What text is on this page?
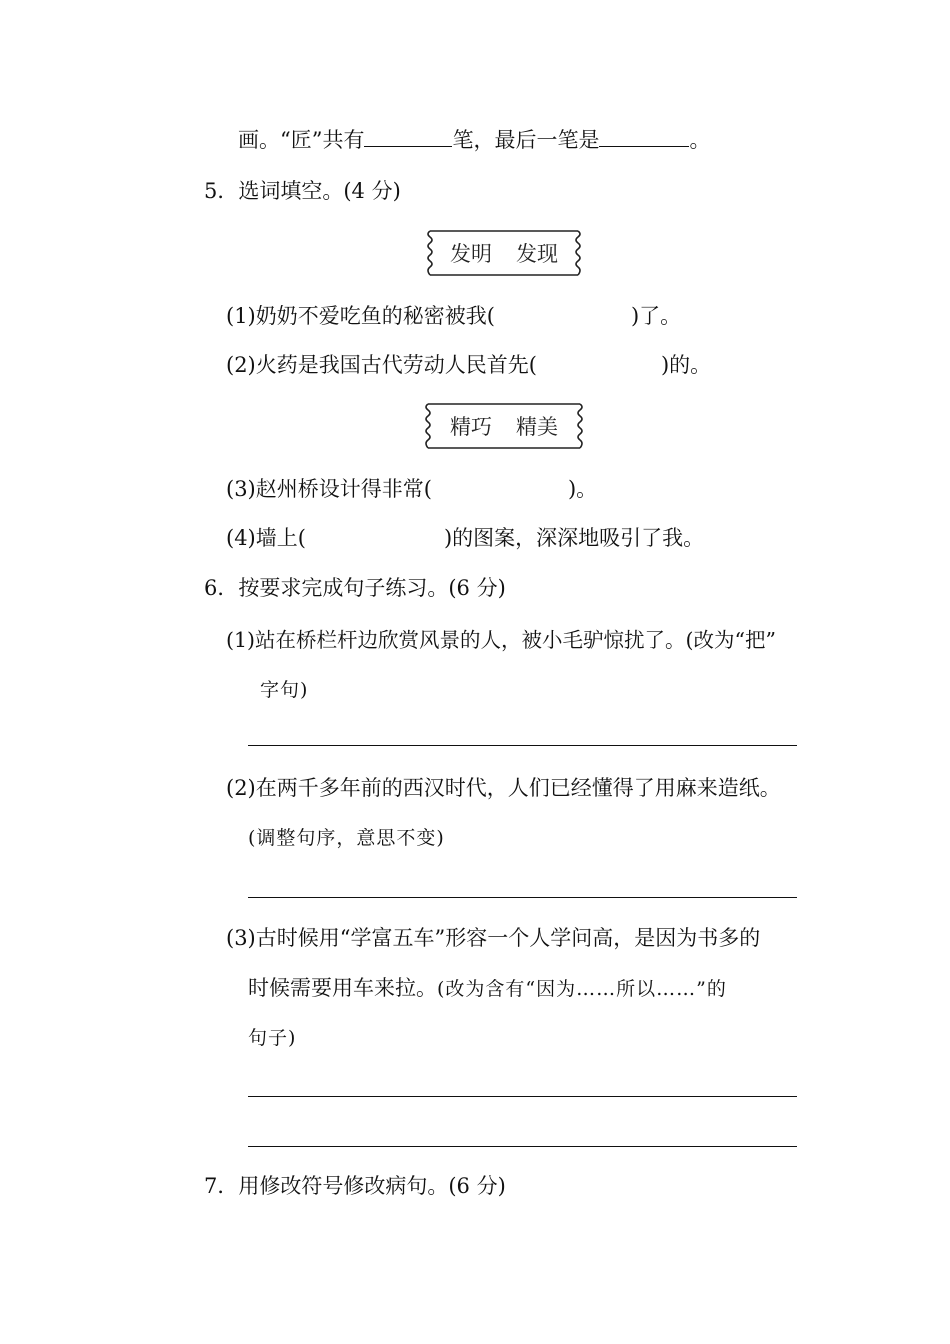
画。“匠”共有	笔，最后一笔是	。
5．选词填空。(4 分)
发明 发现
(1)奶奶不爱吃鱼的秘密被我(	)了。
(2)火药是我国古代劳动人民首先(	)的。
精巧 精美
(3)赵州桥设计得非常(	)。
(4)墙上(	)的图案，深深地吸引了我。
6．按要求完成句子练习。(6 分)
(1)站在桥栏杆边欣赏风景的人，被小毛驴惊扰了。(改为“把”
字句)
(2)在两千多年前的西汉时代，人们已经懂得了用麻来造纸。
(调整句序，意思不变)
(3)古时候用“学富五车”形容一个人学问高，是因为书多的
时候需要用车来拉。(改为含有“因为……所以……”的
句子)
7．用修改符号修改病句。(6 分)
